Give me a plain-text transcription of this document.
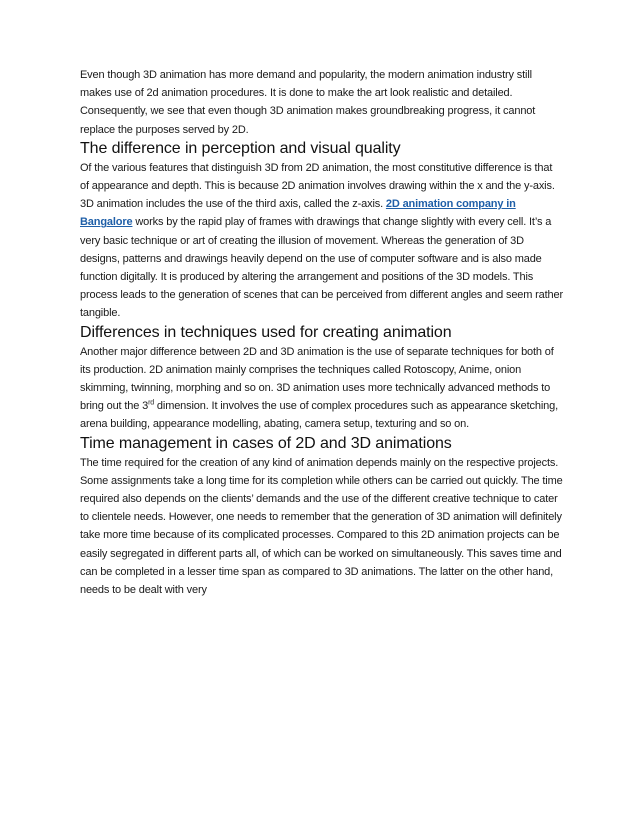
Even though 3D animation has more demand and popularity, the modern animation industry still makes use of 2d animation procedures. It is done to make the art look realistic and detailed. Consequently, we see that even though 3D animation makes groundbreaking progress, it cannot replace the purposes served by 2D.

The difference in perception and visual quality

Of the various features that distinguish 3D from 2D animation, the most constitutive difference is that of appearance and depth. This is because 2D animation involves drawing within the x and the y-axis. 3D animation includes the use of the third axis, called the z-axis. 2D animation company in Bangalore works by the rapid play of frames with drawings that change slightly with every cell. It’s a very basic technique or art of creating the illusion of movement. Whereas the generation of 3D designs, patterns and drawings heavily depend on the use of computer software and is also made function digitally. It is produced by altering the arrangement and positions of the 3D models. This process leads to the generation of scenes that can be perceived from different angles and seem rather tangible.

Differences in techniques used for creating animation

Another major difference between 2D and 3D animation is the use of separate techniques for both of its production. 2D animation mainly comprises the techniques called Rotoscopy, Anime, onion skimming, twinning, morphing and so on. 3D animation uses more technically advanced methods to bring out the 3rd dimension. It involves the use of complex procedures such as appearance sketching, arena building, appearance modelling, abating, camera setup, texturing and so on.

Time management in cases of 2D and 3D animations

The time required for the creation of any kind of animation depends mainly on the respective projects. Some assignments take a long time for its completion while others can be carried out quickly. The time required also depends on the clients’ demands and the use of the different creative technique to cater to clientele needs. However, one needs to remember that the generation of 3D animation will definitely take more time because of its complicated processes. Compared to this 2D animation projects can be easily segregated in different parts all, of which can be worked on simultaneously. This saves time and can be completed in a lesser time span as compared to 3D animations. The latter on the other hand, needs to be dealt with very
